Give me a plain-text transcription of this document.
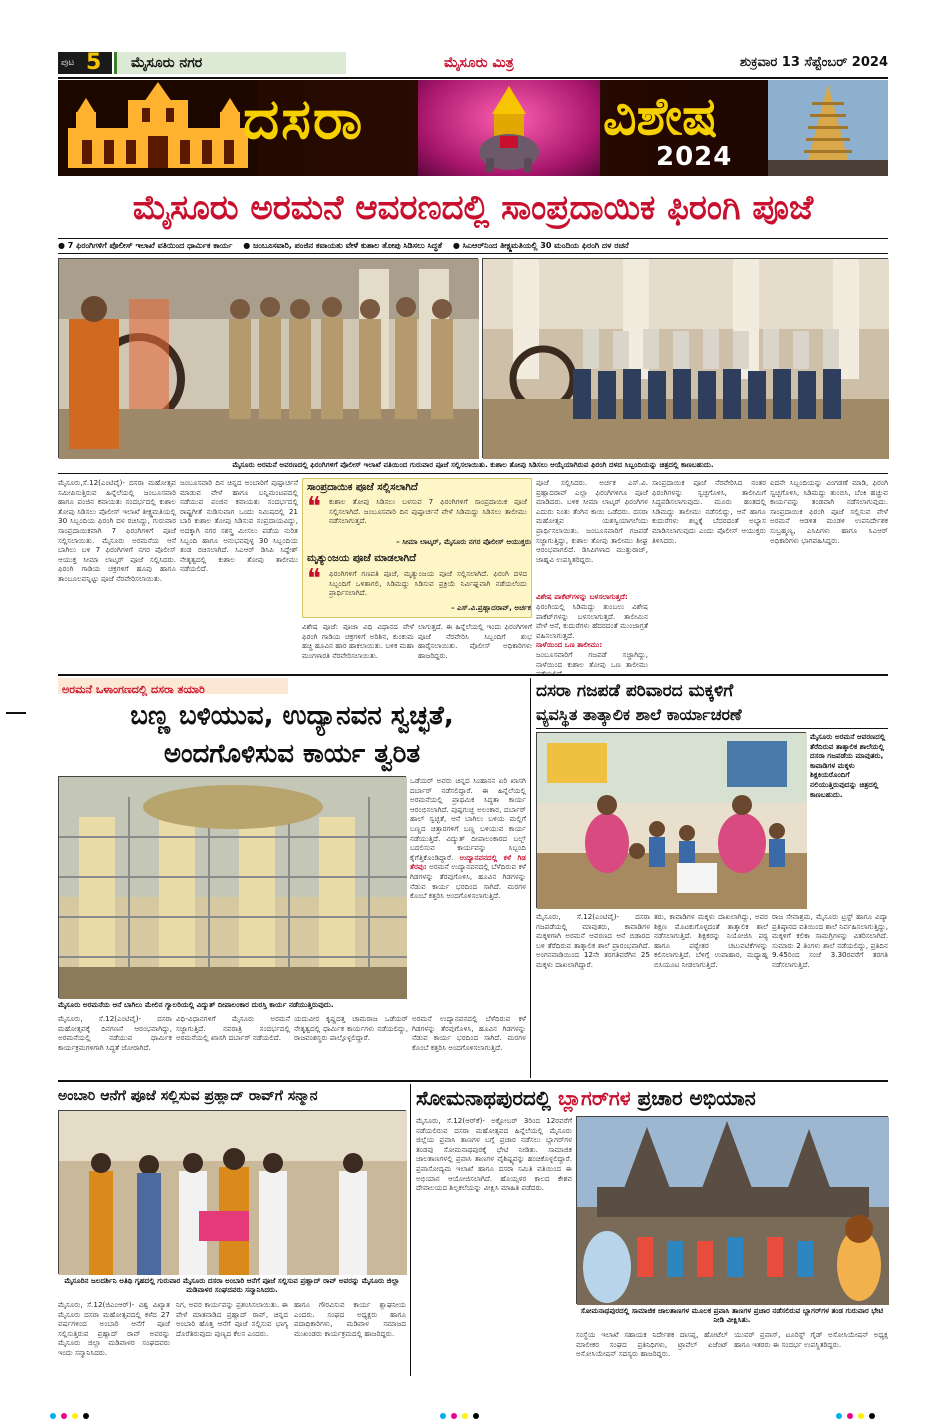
ಪುಟ 5 ಮೈಸೂರು ನಗರ	ಮೈಸೂರು ಮಿತ್ರ	ಶುಕ್ರವಾರ 13 ಸೆಪ್ಟೆಂಬರ್ 2024
ದಸರಾ	ವಿಶೇಷ
2024
ಮೈಸೂರು ಅರಮನೆ ಆವರಣದಲ್ಲಿ ಸಾಂಪ್ರದಾಯಿಕ ಫಿರಂಗಿ ಪೂಜೆ
● 7 ಫಿರಂಗಿಗಳಿಗೆ ಪೊಲೀಸ್ ಇಲಾಖೆ ವತಿಯಿಂದ ಧಾರ್ಮಿಕ ಕಾರ್ಯ ● ಜಂಬೂಸವಾರಿ, ಪಂಜಿನ ಕವಾಯತು ವೇಳೆ ಕುಶಾಲ ತೋಪು ಸಿಡಿಸಲು ಸಿದ್ಧತೆ ● ಸಿಎಆರ್‌ನಿಂದ ತೀಕ್ಷ್ಣಮತಿಯಲ್ಲಿ 30 ಮಂದಿಯ ಫಿರಂಗಿ ದಳ ರಚನೆ
ಮೈಸೂರು ಅರಮನೆ ಆವರಣದಲ್ಲಿ ಫಿರಂಗಿಗಳಿಗೆ ಪೊಲೀಸ್ ಇಲಾಖೆ ವತಿಯಿಂದ ಗುರುವಾರ ಪೂಜೆ ಸಲ್ಲಿಸಲಾಯಿತು. ಕುಶಾಲ ತೋಪು ಸಿಡಿಸಲು ಆಯ್ಕೆಯಾಗಿರುವ ಫಿರಂಗಿ ದಳದ ಸಿಬ್ಬಂದಿಯನ್ನು ಚಿತ್ರದಲ್ಲಿ ಕಾಣಬಹುದು.
ಮೈಸೂರು,ಸೆ.12(ಎಂಟಿವೈ)- ದಸರಾ ಮಹೋತ್ಸವ ಸಮೀಪಿಸುತ್ತಿರುವ ಹಿನ್ನೆಲೆಯಲ್ಲಿ ಜಂಬೂಸವಾರಿ ಹಾಗೂ ಪಂಜಿನ ಕವಾಯತು ಸಂದರ್ಭದಲ್ಲಿ ಕುಶಾಲ ತೋಪು ಸಿಡಿಸಲು ಪೊಲೀಸ್ ಇಲಾಖೆ ತೀಕ್ಷ್ಣಮತಿಯಲ್ಲಿ 30 ಸಿಬ್ಬಂದಿಯ ಫಿರಂಗಿ ದಳ ರಚಿಸಿದ್ದು, ಗುರುವಾರ ಸಾಂಪ್ರದಾಯಿಕವಾಗಿ 7 ಫಿರಂಗಿಗಳಿಗೆ ಪೂಜೆ ಸಲ್ಲಿಸಲಾಯಿತು. ಮೈಸೂರು ಅರಮನೆಯ ಆನೆ ಬಾಗಿಲು ಬಳಿ 7 ಫಿರಂಗಿಗಳಿಗೆ ನಗರ ಪೊಲೀಸ್ ಆಯುಕ್ತ ಸೀಮಾ ಲಾಟ್ಕರ್ ಪೂಜೆ ಸಲ್ಲಿಸಿದರು. ಫಿರಂಗಿ ಗಾಡಿಯ ಚಕ್ರಗಳಿಗೆ ಹೂವು ಹಾಗೂ ತಾಂಬೂಲವನ್ನಿಟ್ಟು ಪೂಜೆ ನೆರವೇರಿಸಲಾಯಿತು.
ಜಂಬೂಸವಾರಿ ದಿನ ಚಿನ್ನದ ಅಂಬಾರಿಗೆ ಪುಷ್ಪಾರ್ಚನೆ ಮಾಡುವ ವೇಳೆ ಹಾಗೂ ಬನ್ನಿಮಂಟಪದಲ್ಲಿ ನಡೆಯುವ ಪಂಜಿನ ಕವಾಯತು ಸಂದರ್ಭದಲ್ಲಿ ರಾಷ್ಟ್ರಗೀತೆ ನುಡಿಸುವಾಗ ಒಂದು ನಿಮಿಷದಲ್ಲಿ 21 ಬಾರಿ ಕುಶಾಲ ತೋಪು ಸಿಡಿಸುವ ಸಂಪ್ರದಾಯವಿದ್ದು, ಅದಕ್ಕಾಗಿ ನಗರ ಸಶಸ್ತ್ರ ಮೀಸಲು ಪಡೆಯ ನುರಿತ ಸಿಬ್ಬಂದಿ ಹಾಗೂ ಅನುಭವವುಳ್ಳ 30 ಸಿಬ್ಬಂದಿಯ ತಂಡ ರಚಿಸಲಾಗಿದೆ. ಸಿಎಆರ್ ಡಿಸಿಪಿ ಸಿದ್ದೇಶ್ ನೇತೃತ್ವದಲ್ಲಿ ಕುಶಾಲ ತೋಪು ತಾಲೀಮು ನಡೆಯಲಿದೆ.
ಸಾಂಪ್ರದಾಯಿಕ ಪೂಜೆ ಸಲ್ಲಿಸಲಾಗಿದೆ
❝ ಕುಶಾಲ ತೋಪು ಸಿಡಿಸಲು ಬಳಸುವ 7 ಫಿರಂಗಿಗಳಿಗೆ ಸಾಂಪ್ರದಾಯಿಕ ಪೂಜೆ ಸಲ್ಲಿಸಲಾಗಿದೆ. ಜಂಬೂಸವಾರಿ ದಿನ ಪುಷ್ಪಾರ್ಚನೆ ವೇಳೆ ಸಿಡಿಮದ್ದು ಸಿಡಿಸಲು ತಾಲೀಮು ನಡೆಸಲಾಗುತ್ತದೆ.
– ಸೀಮಾ ಲಾಟ್ಕರ್, ಮೈಸೂರು ನಗರ ಪೊಲೀಸ್ ಆಯುಕ್ತರು
ಮೃತ್ಯುಂಜಯ ಪೂಜೆ ಮಾಡಲಾಗಿದೆ
❝ ಫಿರಂಗಿಗಳಿಗೆ ಗಣಪತಿ ಪೂಜೆ, ಮೃತ್ಯುಂಜಯ ಪೂಜೆ ಸಲ್ಲಿಸಲಾಗಿದೆ. ಫಿರಂಗಿ ದಳದ ಸಿಬ್ಬಂದಿಗೆ ಒಳಿತಾಗಲಿ, ಸಿಡಿಮದ್ದು ಸಿಡಿಸುವ ಪ್ರಕ್ರಿಯೆ ನಿರ್ವಿಘ್ನವಾಗಿ ನಡೆಯಲೆಂದು ಪ್ರಾರ್ಥಿಸಲಾಗಿದೆ.
– ಎಸ್.ವಿ.ಪ್ರಹ್ಲಾದರಾವ್, ಅರ್ಚಕ
ವಿಶೇಷ ಪೂಜೆ: ಪೂಜಾ ವಿಧಿ ವಿಧಾನದ ವೇಳೆ ಫಿರಂಗಿ ಗಾಡಿಯ ಚಕ್ರಗಳಿಗೆ ಅರಿಶಿನ, ಕುಂಕುಮ ಹಚ್ಚಿ ಹೂವಿನ ಹಾರ ಹಾಕಲಾಯಿತು. ಬಳಿಕ ಮಹಾ ಮಂಗಳಾರತಿ ನೆರವೇರಿಸಲಾಯಿತು.
ಲಾಗುತ್ತದೆ. ಈ ಹಿನ್ನೆಲೆಯಲ್ಲಿ ಇಂದು ಫಿರಂಗಿಗಳಿಗೆ ಪೂಜೆ ನೆರವೇರಿಸಿ ಸಿಬ್ಬಂದಿಗೆ ಶುಭ ಹಾರೈಸಲಾಯಿತು. ಪೊಲೀಸ್ ಅಧಿಕಾರಿಗಳು ಹಾಜರಿದ್ದರು.
ಪೂಜೆ ಸಲ್ಲಿಸಿದರು. ಅರ್ಚಕ ಎಸ್.ವಿ. ಪ್ರಹ್ಲಾದರಾವ್ ಎಲ್ಲಾ ಫಿರಂಗಿಗಳಿಗೂ ಪೂಜೆ ಮಾಡಿದರು. ಬಳಿಕ ಸೀಮಾ ಲಾಟ್ಕರ್ ಫಿರಂಗಿಗಳ ಎದುರು ನಿಂತು ತೆಂಗಿನ ಕಾಯಿ ಒಡೆದರು. ದಸರಾ ಮಹೋತ್ಸವ ಯಶಸ್ವಿಯಾಗಲೆಂದು ಪ್ರಾರ್ಥಿಸಲಾಯಿತು. ಜಂಬೂಸವಾರಿಗೆ ಗಜಪಡೆ ಸಜ್ಜಾಗುತ್ತಿದ್ದು, ಕುಶಾಲ ತೋಪು ತಾಲೀಮು ಶೀಘ್ರ ಆರಂಭವಾಗಲಿದೆ. ಡಿಸಿಪಿಗಳಾದ ಮುತ್ತುರಾಜ್, ಜಾಹ್ನವಿ ಉಪಸ್ಥಿತರಿದ್ದರು.
ವಿಶೇಷ ಪಾಕೆಟ್‌ಗಳನ್ನು ಬಳಸಲಾಗುತ್ತದೆ:
ಫಿರಂಗಿಯಲ್ಲಿ ಸಿಡಿಮದ್ದು ತುಂಬಲು ವಿಶೇಷ ಪಾಕೆಟ್‌ಗಳನ್ನು ಬಳಸಲಾಗುತ್ತದೆ. ತಾಲೀಮಿನ ವೇಳೆ ಆನೆ, ಕುದುರೆಗಳು ಹೆದರದಂತೆ ಮುಂಜಾಗ್ರತೆ ವಹಿಸಲಾಗುತ್ತದೆ.
ನಾಳೆಯಿಂದ ಒಣ ತಾಲೀಮು:
ಜಂಬೂಸವಾರಿಗೆ ಗಜಪಡೆ ಸಜ್ಜಾಗಿದ್ದು, ನಾಳೆಯಿಂದ ಕುಶಾಲ ತೋಪು ಒಣ ತಾಲೀಮು
ಸಾಂಪ್ರದಾಯಿಕ ಪೂಜೆ ನೆರವೇರಿಸಿದ ನಂತರ ಫಿರಂಗಿಗಳನ್ನು ಸ್ವಚ್ಛಗೊಳಿಸಿ, ತಾಲೀಮಿಗೆ ಸಿದ್ಧಪಡಿಸಲಾಗುವುದು. ಮೂರು ಹಂತದಲ್ಲಿ ಸಿಡಿಮದ್ದು ತಾಲೀಮು ನಡೆಸಲಿದ್ದು, ಆನೆ ಹಾಗೂ ಕುದುರೆಗಳು ಶಬ್ದಕ್ಕೆ ಬೆದರದಂತೆ ಅಭ್ಯಾಸ ಮಾಡಿಸಲಾಗುವುದು ಎಂದು ಪೊಲೀಸ್ ಆಯುಕ್ತರು ತಿಳಿಸಿದರು.
ಐದನೇ ಸಿಬ್ಬಂದಿಯನ್ನು ವಿಂಗಡಣೆ ಮಾಡಿ, ಫಿರಂಗಿ ಸ್ವಚ್ಛಗೊಳಿಸಿ, ಸಿಡಿಮದ್ದು ತುಂಬಿಸಿ, ಬೆಂಕಿ ಹಚ್ಚುವ ಕಾರ್ಯವನ್ನು ತಂಡವಾಗಿ ನಡೆಸಲಾಗುವುದು. ಸಾಂಪ್ರದಾಯಿಕ ಫಿರಂಗಿ ಪೂಜೆ ಸಲ್ಲಿಸುವ ವೇಳೆ ಅರಮನೆ ಆಡಳಿತ ಮಂಡಳಿ ಉಪನಿರ್ದೇಶಕ ಸುಬ್ರಹ್ಮಣ್ಯ, ಎಸಿಪಿಗಳು ಹಾಗೂ ಸಿಎಆರ್ ಅಧಿಕಾರಿಗಳು ಭಾಗವಹಿಸಿದ್ದರು.
ಅರಮನೆ ಒಳಾಂಗಣದಲ್ಲಿ ದಸರಾ ತಯಾರಿ
ಬಣ್ಣ ಬಳಿಯುವ, ಉದ್ಯಾನವನ ಸ್ವಚ್ಛತೆ,
ಅಂದಗೊಳಿಸುವ ಕಾರ್ಯ ತ್ವರಿತ
ಮೈಸೂರು ಅರಮನೆಯ ಆನೆ ಬಾಗಿಲು ಮೇಲಿನ ಗ್ಯಾಲರಿಯಲ್ಲಿ ವಿದ್ಯುತ್ ದೀಪಾಲಂಕಾರ ದುರಸ್ತಿ ಕಾರ್ಯ ನಡೆಯುತ್ತಿರುವುದು.
ಒಡೆಯರ್ ಅವರು ಚಿನ್ನದ ಸಿಂಹಾಸನ ಏರಿ ಖಾಸಗಿ ದರ್ಬಾರ್ ನಡೆಸಲಿದ್ದಾರೆ. ಈ ಹಿನ್ನೆಲೆಯಲ್ಲಿ ಅರಮನೆಯಲ್ಲಿ ಪ್ರಾಥಮಿಕ ಸಿದ್ಧತಾ ಕಾರ್ಯ ಆರಂಭಿಸಲಾಗಿದೆ. ಪುಷ್ಪಗುಚ್ಛ ಅಲಂಕಾರ, ದರ್ಬಾರ್ ಹಾಲ್ ಸ್ವಚ್ಛತೆ, ಆನೆ ಬಾಗಿಲು ಬಳಿಯ ಮಲ್ಲಿಗೆ ಬಣ್ಣದ ಚಿತ್ತಾರಗಳಿಗೆ ಬಣ್ಣ ಬಳಿಯುವ ಕಾರ್ಯ ನಡೆಯುತ್ತಿದೆ. ವಿದ್ಯುತ್ ದೀಪಾಲಂಕಾರದ ಬಲ್ಬ್ ಬದಲಿಸುವ ಕಾರ್ಯವನ್ನು ಸಿಬ್ಬಂದಿ ಕೈಗೆತ್ತಿಕೊಂಡಿದ್ದಾರೆ. ಉದ್ಯಾನವನದಲ್ಲಿ ಕಳೆ ಗಿಡ ತೆರವು: ಅರಮನೆ ಉದ್ಯಾನವನದಲ್ಲಿ ಬೆಳೆದಿರುವ ಕಳೆ ಗಿಡಗಳನ್ನು ತೆರವುಗೊಳಿಸಿ, ಹೂವಿನ ಗಿಡಗಳನ್ನು ನೆಡುವ ಕಾರ್ಯ ಭರದಿಂದ ಸಾಗಿದೆ. ಮರಗಳ ಕೊಂಬೆ ಕತ್ತರಿಸಿ ಅಂದಗೊಳಿಸಲಾಗುತ್ತಿದೆ.
ಮೈಸೂರು, ಸೆ.12(ಎಂಟಿವೈ)- ದಸರಾ ಮಹೋತ್ಸವಕ್ಕೆ ದಿನಗಣನೆ ಆರಂಭವಾಗಿದ್ದು, ಅರಮನೆಯಲ್ಲಿ ನಡೆಯುವ ಧಾರ್ಮಿಕ ಕಾರ್ಯಕ್ರಮಗಳಿಗಾಗಿ ಸಿದ್ಧತೆ ಜೋರಾಗಿದೆ.
ವಿಧಿ-ವಿಧಾನಗಳಿಗೆ ಮೈಸೂರು ಅರಮನೆ ಸಜ್ಜಾಗುತ್ತಿದೆ. ನವರಾತ್ರಿ ಸಂದರ್ಭದಲ್ಲಿ ಅರಮನೆಯಲ್ಲಿ ಖಾಸಗಿ ದರ್ಬಾರ್ ನಡೆಯಲಿದೆ.
ಯದುವೀರ ಕೃಷ್ಣದತ್ತ ಚಾಮರಾಜ ಒಡೆಯರ್ ನೇತೃತ್ವದಲ್ಲಿ ಧಾರ್ಮಿಕ ಕಾರ್ಯಗಳು ನಡೆಯಲಿದ್ದು, ರಾಜವಂಶಸ್ಥರು ಪಾಲ್ಗೊಳ್ಳಲಿದ್ದಾರೆ.
ಅರಮನೆ ಉದ್ಯಾನವನದಲ್ಲಿ ಬೆಳೆದಿರುವ ಕಳೆ ಗಿಡಗಳನ್ನು ತೆರವುಗೊಳಿಸಿ, ಹೂವಿನ ಗಿಡಗಳನ್ನು ನೆಡುವ ಕಾರ್ಯ ಭರದಿಂದ ಸಾಗಿದೆ. ಮರಗಳ ಕೊಂಬೆ ಕತ್ತರಿಸಿ ಅಂದಗೊಳಿಸಲಾಗುತ್ತಿದೆ.
ದಸರಾ ಗಜಪಡೆ ಪರಿವಾರದ ಮಕ್ಕಳಿಗೆ
ವ್ಯವಸ್ಥಿತ ತಾತ್ಕಾಲಿಕ ಶಾಲೆ ಕಾರ್ಯಾಚರಣೆ
ಮೈಸೂರು ಅರಮನೆ ಆವರಣದಲ್ಲಿ ತೆರೆದಿರುವ ತಾತ್ಕಾಲಿಕ ಶಾಲೆಯಲ್ಲಿ ದಸರಾ ಗಜಪಡೆಯ ಮಾವುತರು, ಕಾವಾಡಿಗಳ ಮಕ್ಕಳು ಶಿಕ್ಷಕಿಯರೊಂದಿಗೆ ನಲಿಯುತ್ತಿರುವುದನ್ನು ಚಿತ್ರದಲ್ಲಿ ಕಾಣಬಹುದು.
ಮೈಸೂರು, ಸೆ.12(ಎಂಟಿವೈ)- ದಸರಾ ಗಜಪಡೆಯಲ್ಲಿ ಮಾವುತರು, ಕಾವಾಡಿಗಳ ಮಕ್ಕಳಿಗಾಗಿ ಅರಮನೆ ಆವರಣದ ಆನೆ ಬಿಡಾರದ ಬಳಿ ತೆರೆದಿರುವ ತಾತ್ಕಾಲಿಕ ಶಾಲೆ ಪ್ರಾರಂಭವಾಗಿದೆ. ಅಂಗನವಾಡಿಯಿಂದ 12ನೇ ತರಗತಿವರೆಗಿನ 25 ಮಕ್ಕಳು ದಾಖಲಾಗಿದ್ದಾರೆ.
ತರು, ಕಾವಾಡಿಗಳ ಮಕ್ಕಳು ದಾಖಲಾಗಿದ್ದು, ಅವರ ಶಿಕ್ಷಣ ಮೊಟಕುಗೊಳ್ಳದಂತೆ ತಾತ್ಕಾಲಿಕ ಶಾಲೆ ನಡೆಸಲಾಗುತ್ತಿದೆ. ಶಿಕ್ಷಕರನ್ನು ನಿಯೋಜಿಸಿ ಪಠ್ಯ ಹಾಗೂ ಪಠ್ಯೇತರ ಚಟುವಟಿಕೆಗಳನ್ನು ಕಲಿಸಲಾಗುತ್ತಿದೆ. ಬೆಳಿಗ್ಗೆ ಉಪಾಹಾರ, ಮಧ್ಯಾಹ್ನ ಬಿಸಿಯೂಟ ನೀಡಲಾಗುತ್ತಿದೆ.
ರಾಜ ಸೇವಾಶ್ರಮ, ಮೈಸೂರು ಟ್ರಸ್ಟ್ ಹಾಗೂ ವಿದ್ಯಾ ಪ್ರತಿಷ್ಠಾನದ ವತಿಯಿಂದ ಶಾಲೆ ನಿರ್ವಹಿಸಲಾಗುತ್ತಿದ್ದು, ಮಕ್ಕಳಿಗೆ ಕಲಿಕಾ ಸಾಮಗ್ರಿಗಳನ್ನು ವಿತರಿಸಲಾಗಿದೆ. ಸುಮಾರು 2 ತಿಂಗಳು ಶಾಲೆ ನಡೆಯಲಿದ್ದು, ಪ್ರತಿದಿನ 9.45ರಿಂದ ಸಂಜೆ 3.30ರವರೆಗೆ ತರಗತಿ ನಡೆಸಲಾಗುತ್ತಿದೆ.
ಅಂಬಾರಿ ಆನೆಗೆ ಪೂಜೆ ಸಲ್ಲಿಸುವ ಪ್ರಹ್ಲಾದ್ ರಾವ್‌ಗೆ ಸನ್ಮಾನ
ಮೈಸೂರಿನ ಜಲದರ್ಶಿನಿ ಅತಿಥಿ ಗೃಹದಲ್ಲಿ ಗುರುವಾರ ಮೈಸೂರು ದಸರಾ ಅಂಬಾರಿ ಆನೆಗೆ ಪೂಜೆ ಸಲ್ಲಿಸುವ ಪ್ರಹ್ಲಾದ್ ರಾವ್ ಅವರನ್ನು ಮೈಸೂರು ಜಿಲ್ಲಾ ಮಡಿವಾಳರ ಸಂಘದವರು ಸನ್ಮಾನಿಸಿದರು.
ಮೈಸೂರು, ಸೆ.12(ಜಿಎಂಆರ್)- ವಿಶ್ವ ವಿಖ್ಯಾತ ಮೈಸೂರು ದಸರಾ ಮಹೋತ್ಸವದಲ್ಲಿ ಕಳೆದ 27 ವರ್ಷಗಳಿಂದ ಅಂಬಾರಿ ಆನೆಗೆ ಪೂಜೆ ಸಲ್ಲಿಸುತ್ತಿರುವ ಪ್ರಹ್ಲಾದ್ ರಾವ್ ಅವರನ್ನು ಮೈಸೂರು ಜಿಲ್ಲಾ ಮಡಿವಾಳರ ಸಂಘದವರು ಇಂದು ಸನ್ಮಾನಿಸಿದರು.
ನಿಗ, ಅವರ ಕಾರ್ಯವನ್ನು ಪ್ರಶಂಸಿಸಲಾಯಿತು. ಈ ವೇಳೆ ಮಾತನಾಡಿದ ಪ್ರಹ್ಲಾದ್ ರಾವ್, ಚಿನ್ನದ ಅಂಬಾರಿ ಹೊತ್ತ ಆನೆಗೆ ಪೂಜೆ ಸಲ್ಲಿಸುವ ಭಾಗ್ಯ ದೊರೆತಿರುವುದು ಪುಣ್ಯದ ಕೆಲಸ ಎಂದರು.
ಹಾಗೂ ಗೌರವಿಸುವ ಕಾರ್ಯ ಶ್ಲಾಘನೀಯ ಎಂದರು. ಸಂಘದ ಅಧ್ಯಕ್ಷರು ಹಾಗೂ ಪದಾಧಿಕಾರಿಗಳು, ಮಡಿವಾಳ ಸಮಾಜದ ಮುಖಂಡರು ಕಾರ್ಯಕ್ರಮದಲ್ಲಿ ಹಾಜರಿದ್ದರು.
ಸೋಮನಾಥಪುರದಲ್ಲಿ ಬ್ಲಾಗರ್‌ಗಳ ಪ್ರಚಾರ ಅಭಿಯಾನ
ಮೈಸೂರು, ಸೆ.12(ಆರ್‌ಕೆ)- ಅಕ್ಟೋಬರ್ 3ರಿಂದ 12ರವರೆಗೆ ನಡೆಯಲಿರುವ ದಸರಾ ಮಹೋತ್ಸವದ ಹಿನ್ನೆಲೆಯಲ್ಲಿ ಮೈಸೂರು ಜಿಲ್ಲೆಯ ಪ್ರವಾಸಿ ತಾಣಗಳ ಬಗ್ಗೆ ಪ್ರಚಾರ ನಡೆಸಲು ಬ್ಲಾಗರ್‌ಗಳ ತಂಡವು ಸೋಮನಾಥಪುರಕ್ಕೆ ಭೇಟಿ ನೀಡಿತು. ಸಾಮಾಜಿಕ ಜಾಲತಾಣಗಳಲ್ಲಿ ಪ್ರವಾಸಿ ತಾಣಗಳ ವೈಶಿಷ್ಟ್ಯವನ್ನು ಹಂಚಿಕೊಳ್ಳಲಿದ್ದಾರೆ. ಪ್ರವಾಸೋದ್ಯಮ ಇಲಾಖೆ ಹಾಗೂ ದಸರಾ ಸಮಿತಿ ವತಿಯಿಂದ ಈ ಅಭಿಯಾನ ಆಯೋಜಿಸಲಾಗಿದೆ. ಹೊಯ್ಸಳರ ಕಾಲದ ಕೇಶವ ದೇವಾಲಯದ ಶಿಲ್ಪಕಲೆಯನ್ನು ವೀಕ್ಷಿಸಿ ಮಾಹಿತಿ ಪಡೆದರು.
ಸೋಮನಾಥಪುರದಲ್ಲಿ ಸಾಮಾಜಿಕ ಜಾಲತಾಣಗಳ ಮೂಲಕ ಪ್ರವಾಸಿ ತಾಣಗಳ ಪ್ರಚಾರ ನಡೆಸಲಿರುವ ಬ್ಲಾಗರ್‌ಗಳ ತಂಡ ಗುರುವಾರ ಭೇಟಿ ನೀಡಿ ವೀಕ್ಷಿಸಿತು.
ಸಂಸ್ಥೆಯ ಇಲಾಖೆ ಸಹಾಯಕ ನಿರ್ದೇಶಕ ದಾಸಪ್ಪ, ಹೋಟೆಲ್ ಮಾಲೀಕರ ಸಂಘದ ಪ್ರತಿನಿಧಿಗಳು, ಟ್ರಾವೆಲ್ ಏಜೆಂಟ್ ಅಸೋಸಿಯೇಷನ್ ಸದಸ್ಯರು ಹಾಜರಿದ್ದರು.
ಯುವರ್ ಪ್ರವಾಸ್, ಟೂರಿಸ್ಟ್ ಗೈಡ್ ಅಸೋಸಿಯೇಷನ್ ಅಧ್ಯಕ್ಷ ಹಾಗೂ ಇತರರು ಈ ಸಂದರ್ಭ ಉಪಸ್ಥಿತರಿದ್ದರು.
